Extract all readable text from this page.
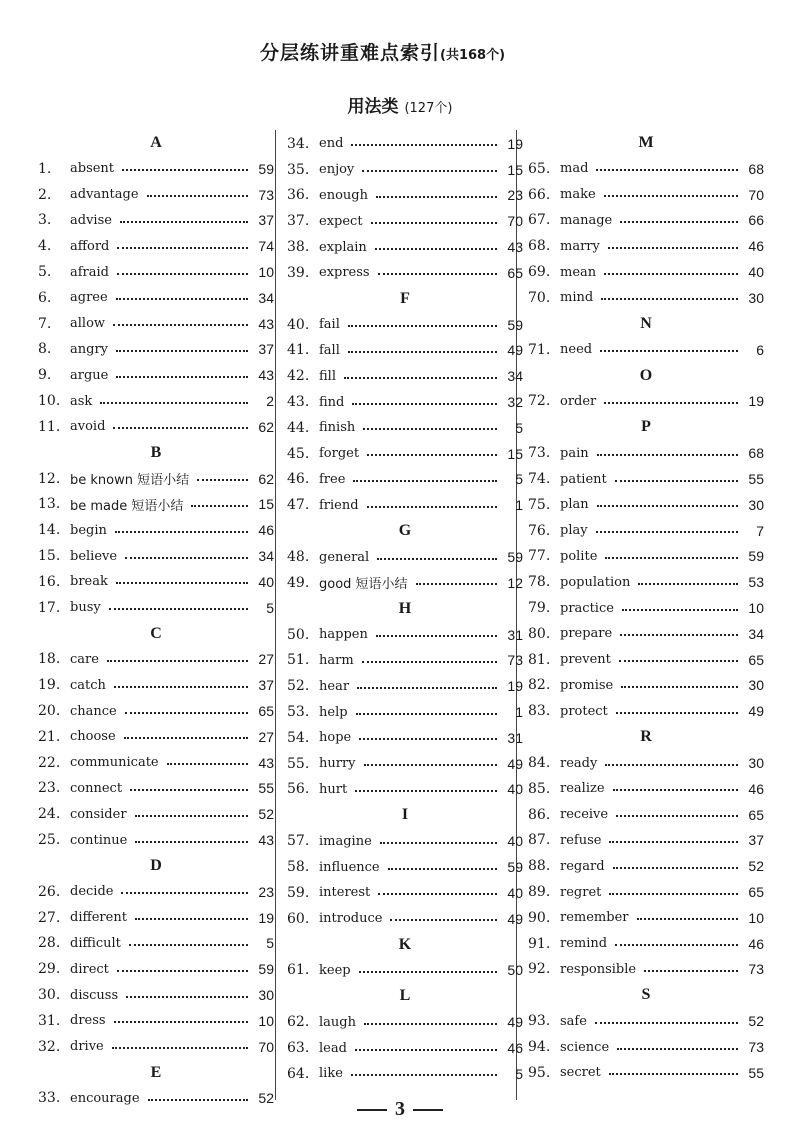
分层练讲重难点索引(共168个)
用法类 (127个)
A
1.	absent	59
2.	advantage	73
3.	advise	37
4.	afford	74
5.	afraid	10
6.	agree	34
7.	allow	43
8.	angry	37
9.	argue	43
10. ask	2
11. avoid	62
B
12. be known 短语小结	62
13. be made 短语小结	15
14. begin	46
15. believe	34
16. break	40
17. busy	5
C
18. care	27
19. catch	37
20. chance	65
21. choose	27
22. communicate	43
23. connect	55
24. consider	52
25. continue	43
D
26. decide	23
27. different	19
28. difficult	5
29. direct	59
30. discuss	30
31. dress	10
32. drive	70
E
33. encourage	52
34. end	19
35. enjoy	15
36. enough	23
37. expect	70
38. explain	43
39. express	65
F
40. fail	59
41. fall	49
42. fill	34
43. find	32
44. finish	5
45. forget	15
46. free	5
47. friend	1
G
48. general	59
49. good 短语小结	12
H
50. happen	31
51. harm	73
52. hear	19
53. help	1
54. hope	31
55. hurry	49
56. hurt	40
I
57. imagine	40
58. influence	59
59. interest	40
60. introduce	49
K
61. keep	50
L
62. laugh	49
63. lead	46
64. like	5
M
65. mad	68
66. make	70
67. manage	66
68. marry	46
69. mean	40
70. mind	30
N
71. need	6
O
72. order	19
P
73. pain	68
74. patient	55
75. plan	30
76. play	7
77. polite	59
78. population	53
79. practice	10
80. prepare	34
81. prevent	65
82. promise	30
83. protect	49
R
84. ready	30
85. realize	46
86. receive	65
87. refuse	37
88. regard	52
89. regret	65
90. remember	10
91. remind	46
92. responsible	73
S
93. safe	52
94. science	73
95. secret	55
3
